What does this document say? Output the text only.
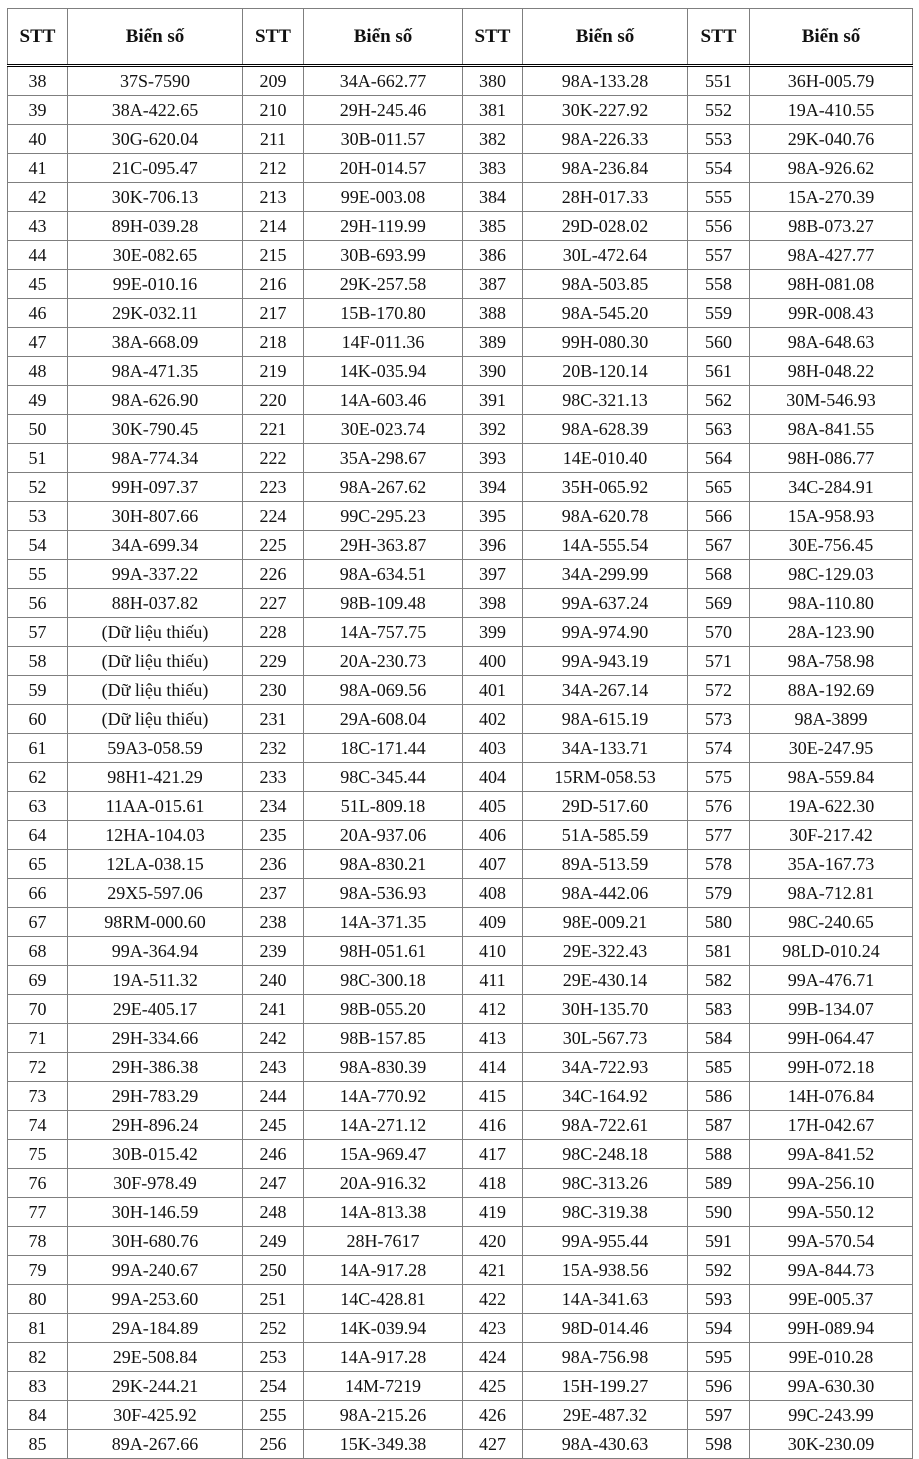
STT	Biển số	STT	Biển số	STT	Biển số	STT	Biển số
38	37S-7590	209	34A-662.77	380	98A-133.28	551	36H-005.79
39	38A-422.65	210	29H-245.46	381	30K-227.92	552	19A-410.55
40	30G-620.04	211	30B-011.57	382	98A-226.33	553	29K-040.76
41	21C-095.47	212	20H-014.57	383	98A-236.84	554	98A-926.62
42	30K-706.13	213	99E-003.08	384	28H-017.33	555	15A-270.39
43	89H-039.28	214	29H-119.99	385	29D-028.02	556	98B-073.27
44	30E-082.65	215	30B-693.99	386	30L-472.64	557	98A-427.77
45	99E-010.16	216	29K-257.58	387	98A-503.85	558	98H-081.08
46	29K-032.11	217	15B-170.80	388	98A-545.20	559	99R-008.43
47	38A-668.09	218	14F-011.36	389	99H-080.30	560	98A-648.63
48	98A-471.35	219	14K-035.94	390	20B-120.14	561	98H-048.22
49	98A-626.90	220	14A-603.46	391	98C-321.13	562	30M-546.93
50	30K-790.45	221	30E-023.74	392	98A-628.39	563	98A-841.55
51	98A-774.34	222	35A-298.67	393	14E-010.40	564	98H-086.77
52	99H-097.37	223	98A-267.62	394	35H-065.92	565	34C-284.91
53	30H-807.66	224	99C-295.23	395	98A-620.78	566	15A-958.93
54	34A-699.34	225	29H-363.87	396	14A-555.54	567	30E-756.45
55	99A-337.22	226	98A-634.51	397	34A-299.99	568	98C-129.03
56	88H-037.82	227	98B-109.48	398	99A-637.24	569	98A-110.80
57	(Dữ liệu thiếu)	228	14A-757.75	399	99A-974.90	570	28A-123.90
58	(Dữ liệu thiếu)	229	20A-230.73	400	99A-943.19	571	98A-758.98
59	(Dữ liệu thiếu)	230	98A-069.56	401	34A-267.14	572	88A-192.69
60	(Dữ liệu thiếu)	231	29A-608.04	402	98A-615.19	573	98A-3899
61	59A3-058.59	232	18C-171.44	403	34A-133.71	574	30E-247.95
62	98H1-421.29	233	98C-345.44	404	15RM-058.53	575	98A-559.84
63	11AA-015.61	234	51L-809.18	405	29D-517.60	576	19A-622.30
64	12HA-104.03	235	20A-937.06	406	51A-585.59	577	30F-217.42
65	12LA-038.15	236	98A-830.21	407	89A-513.59	578	35A-167.73
66	29X5-597.06	237	98A-536.93	408	98A-442.06	579	98A-712.81
67	98RM-000.60	238	14A-371.35	409	98E-009.21	580	98C-240.65
68	99A-364.94	239	98H-051.61	410	29E-322.43	581	98LD-010.24
69	19A-511.32	240	98C-300.18	411	29E-430.14	582	99A-476.71
70	29E-405.17	241	98B-055.20	412	30H-135.70	583	99B-134.07
71	29H-334.66	242	98B-157.85	413	30L-567.73	584	99H-064.47
72	29H-386.38	243	98A-830.39	414	34A-722.93	585	99H-072.18
73	29H-783.29	244	14A-770.92	415	34C-164.92	586	14H-076.84
74	29H-896.24	245	14A-271.12	416	98A-722.61	587	17H-042.67
75	30B-015.42	246	15A-969.47	417	98C-248.18	588	99A-841.52
76	30F-978.49	247	20A-916.32	418	98C-313.26	589	99A-256.10
77	30H-146.59	248	14A-813.38	419	98C-319.38	590	99A-550.12
78	30H-680.76	249	28H-7617	420	99A-955.44	591	99A-570.54
79	99A-240.67	250	14A-917.28	421	15A-938.56	592	99A-844.73
80	99A-253.60	251	14C-428.81	422	14A-341.63	593	99E-005.37
81	29A-184.89	252	14K-039.94	423	98D-014.46	594	99H-089.94
82	29E-508.84	253	14A-917.28	424	98A-756.98	595	99E-010.28
83	29K-244.21	254	14M-7219	425	15H-199.27	596	99A-630.30
84	30F-425.92	255	98A-215.26	426	29E-487.32	597	99C-243.99
85	89A-267.66	256	15K-349.38	427	98A-430.63	598	30K-230.09
